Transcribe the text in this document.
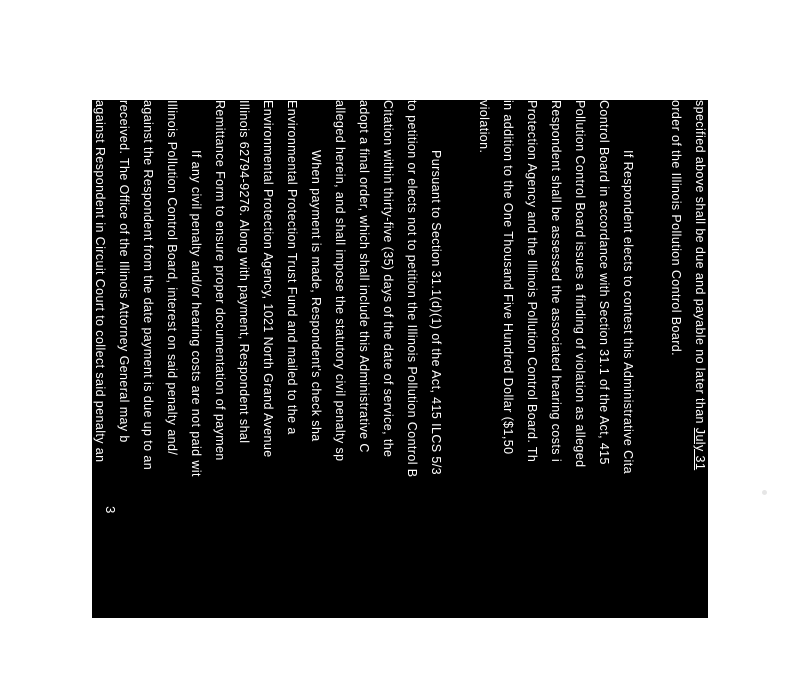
specified above shall be due and payable no later than July 31
order of the Illinois Pollution Control Board.
If Respondent elects to contest this Administrative Cita
Control Board in accordance with Section 31.1 of the Act, 415
Pollution Control Board issues a finding of violation as alleged
Respondent shall be assessed the associated hearing costs i
Protection Agency and the Illinois Pollution Control Board. Th
in addition to the One Thousand Five Hundred Dollar ($1,50
violation.
Pursuant to Section 31.1(d)(1) of the Act, 415 ILCS 5/3
to petition or elects not to petition the Illinois Pollution Control B
Citation within thirty-five (35) days of the date of service, the
adopt a final order, which shall include this Administrative C
alleged herein, and shall impose the statutory civil penalty sp
When payment is made, Respondent's check sha
Environmental Protection Trust Fund and mailed to the a
Environmental Protection Agency, 1021 North Grand Avenue
Illinois 62794-9276. Along with payment, Respondent shal
Remittance Form to ensure proper documentation of paymen
If any civil penalty and/or hearing costs are not paid wit
Illinois Pollution Control Board, interest on said penalty and/
against the Respondent from the date payment is due up to an
received. The Office of the Illinois Attorney General may b
against Respondent in Circuit Court to collect said penalty an
accrued.
3
